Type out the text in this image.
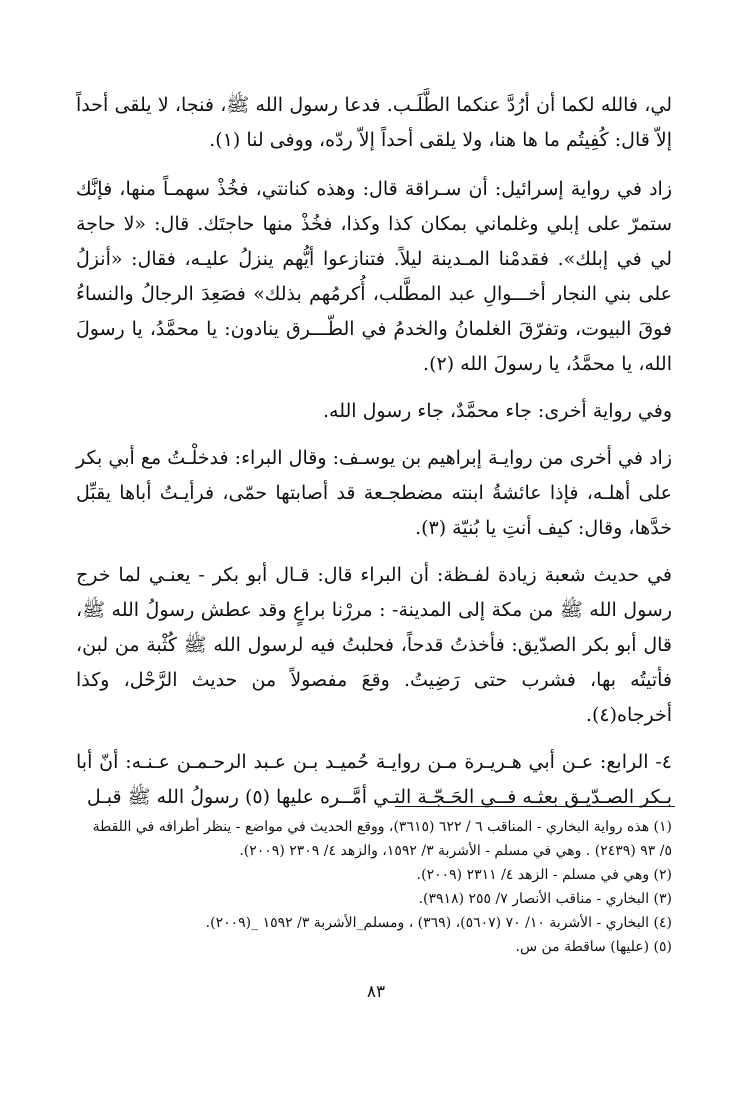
لي، فالله لكما أن أرُدَّ عنكما الطَّلَـب. فدعا رسول الله ﷺ، فنجا، لا يلقى أحداً إلاّ قال: كُفِيتُم ما ها هنا، ولا يلقى أحداً إلاّ ردّه، ووفى لنا (١).

زاد في رواية إسرائيل: أن سـراقة قال: وهذه كنانتي، فخُذْ سهمـاً منها، فإنَّك ستمرّ على إبلي وغلماني بمكان كذا وكذا، فخُذْ منها حاجتَك. قال: «لا حاجة لي في إبلك». فقدمْنا المـدينة ليلاً. فتنازعوا أيُّهم ينزلُ عليـه، فقال: «أنزلُ على بني النجار أخـــوالِ عبد المطَّلب، أُكرمُهم بذلك» فصَعِدَ الرجالُ والنساءُ فوقَ البيوت، وتفرّقَ الغلمانُ والخدمُ في الطّـــرق ينادون: يا محمَّدُ، يا رسولَ الله، يا محمَّدُ، يا رسولَ الله (٢).

وفي رواية أخرى: جاء محمَّدٌ، جاء رسول الله.

زاد في أخرى من روايـة إبراهيم بن يوسـف: وقال البراء: فدخلْـتُ مع أبي بكر على أهلـه، فإذا عائشةُ ابنته مضطجـعة قد أصابتها حمّى، فرأيـتُ أباها يقبِّل خدَّها، وقال: كيف أنتِ يا بُنيّة (٣).

في حديث شعبة زيادة لفـظة: أن البراء قال: قـال أبو بكر - يعنـي لما خرج رسول الله ﷺ من مكة إلى المدينة- : مررْنا براعٍ وقد عطش رسولُ الله ﷺ، قال أبو بكر الصدّيق: فأخذتُ قدحاً، فحلبتُ فيه لرسول الله ﷺ كُثْبة من لبن، فأتيتُه بها، فشرب حتى رَضِيتُ. وقعَ مفصولاً من حديث الرَّحْل، وكذا أخرجاه(٤).

٤- الرابع: عـن أبي هـريـرة مـن روايـة حُميـد بـن عـبد الرحـمـن عـنـه: أنّ أبا بـكر الصـدّيـق بعثـه فــي الحَـجّـة التـي أمَّــره عليها (٥) رسولُ الله ﷺ قبـل

(١) هذه رواية البخاري - المناقب ٦ / ٦٢٢ (٣٦١٥)، ووقع الحديث في مواضع - ينظر أطرافه في اللقطة ٥/ ٩٣ (٢٤٣٩) . وهي في مسلم - الأشربة ٣/ ١٥٩٢، والزهد ٤/ ٢٣٠٩ (٢٠٠٩).

(٢) وهي في مسلم - الزهد ٤/ ٢٣١١ (٢٠٠٩).

(٣) البخاري - مناقب الأنصار ٧/ ٢٥٥ (٣٩١٨).

(٤) البخاري - الأشربة ١٠/ ٧٠ (٥٦٠٧)، (٣٦٩) ، ومسلم_الأشربة ٣/ ١٥٩٢ _(٢٠٠٩).

(٥) (عليها) ساقطة من س.

٨٣
